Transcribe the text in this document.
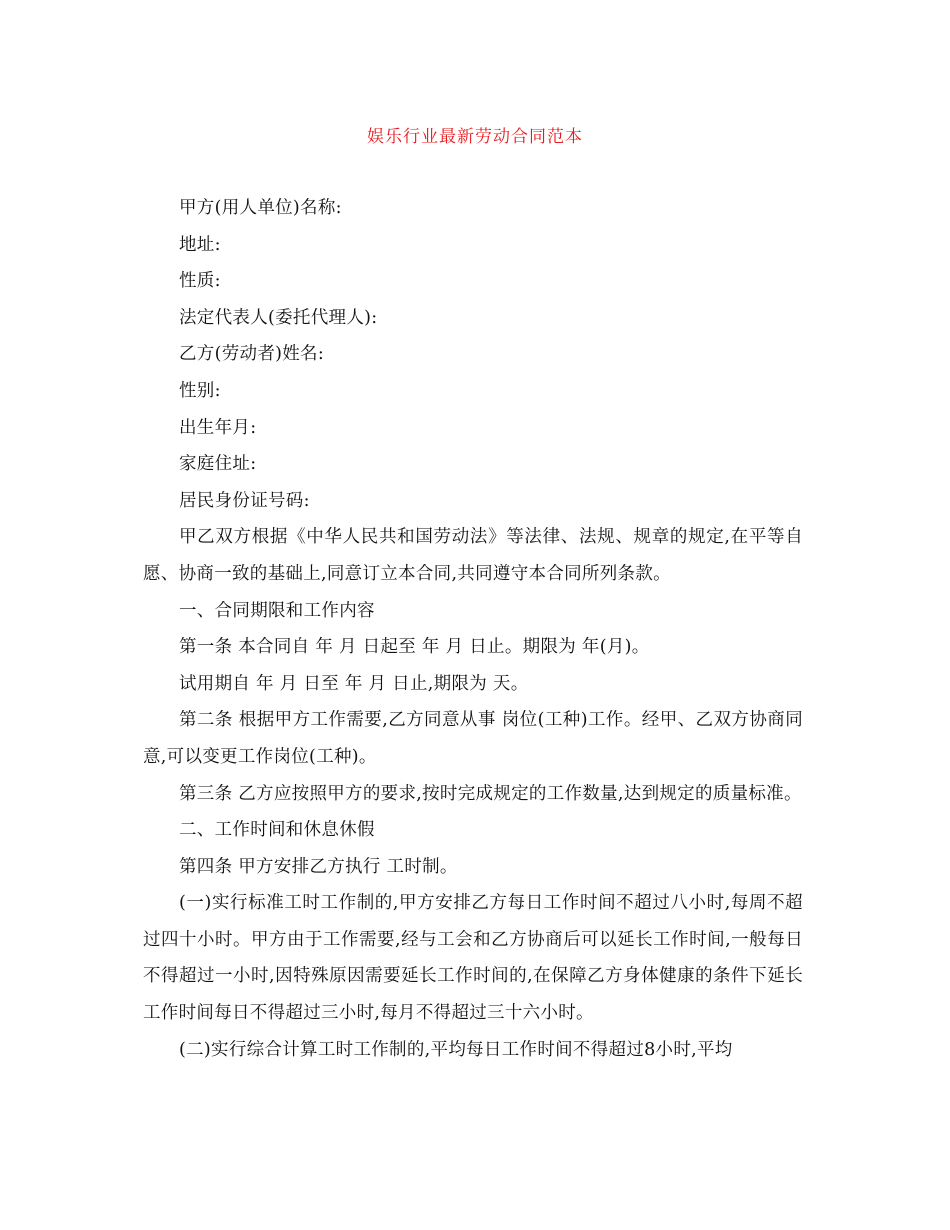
娱乐行业最新劳动合同范本

甲方(用人单位)名称:

地址:

性质:

法定代表人(委托代理人):

乙方(劳动者)姓名:

性别:

出生年月:

家庭住址:

居民身份证号码:

甲乙双方根据《中华人民共和国劳动法》等法律、法规、规章的规定,在平等自愿、协商一致的基础上,同意订立本合同,共同遵守本合同所列条款。

一、合同期限和工作内容

第一条 本合同自 年 月 日起至 年 月 日止。期限为 年(月)。

试用期自 年 月 日至 年 月 日止,期限为 天。

第二条 根据甲方工作需要,乙方同意从事 岗位(工种)工作。经甲、乙双方协商同意,可以变更工作岗位(工种)。

第三条 乙方应按照甲方的要求,按时完成规定的工作数量,达到规定的质量标准。

二、工作时间和休息休假

第四条 甲方安排乙方执行 工时制。

(一)实行标准工时工作制的,甲方安排乙方每日工作时间不超过八小时,每周不超过四十小时。甲方由于工作需要,经与工会和乙方协商后可以延长工作时间,一般每日不得超过一小时,因特殊原因需要延长工作时间的,在保障乙方身体健康的条件下延长工作时间每日不得超过三小时,每月不得超过三十六小时。

(二)实行综合计算工时工作制的,平均每日工作时间不得超过8小时,平均
